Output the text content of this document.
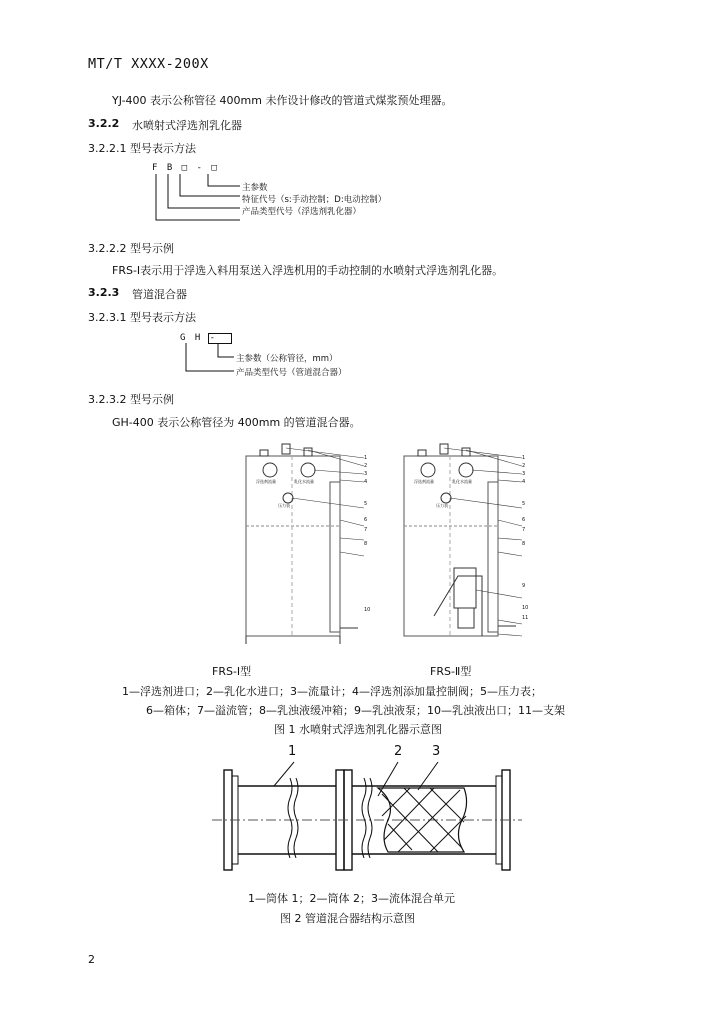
MT/T XXXX-200X
YJ-400 表示公称管径 400mm 未作设计修改的管道式煤浆预处理器。
3.2.2 水喷射式浮选剂乳化器
3.2.2.1 型号表示方法
F B □ - □
主参数
特征代号（s:手动控制；D:电动控制）
产品类型代号（浮选剂乳化器）
3.2.2.2 型号示例
FRS-Ⅰ表示用于浮选入料用泵送入浮选机用的手动控制的水喷射式浮选剂乳化器。
3.2.3 管道混合器
3.2.3.1 型号表示方法
G H -
主参数（公称管径，mm）
产品类型代号（管道混合器）
3.2.3.2 型号示例
GH-400 表示公称管径为 400mm 的管道混合器。
浮选剂流量	乳化水流量
压力表
1
2
3
4
5
6
7
8
10
浮选剂流量	乳化水流量
压力表
1
2
3
4
5
6
7
8
9
10
11
FRS-Ⅰ型	FRS-Ⅱ型
1—浮选剂进口；2—乳化水进口；3—流量计；4—浮选剂添加量控制阀；5—压力表；
6—箱体；7—溢流管；8—乳浊液缓冲箱；9—乳浊液泵；10—乳浊液出口；11—支架
图 1 水喷射式浮选剂乳化器示意图
1	2 3
1—筒体 1；2—筒体 2；3—流体混合单元
图 2 管道混合器结构示意图
2
